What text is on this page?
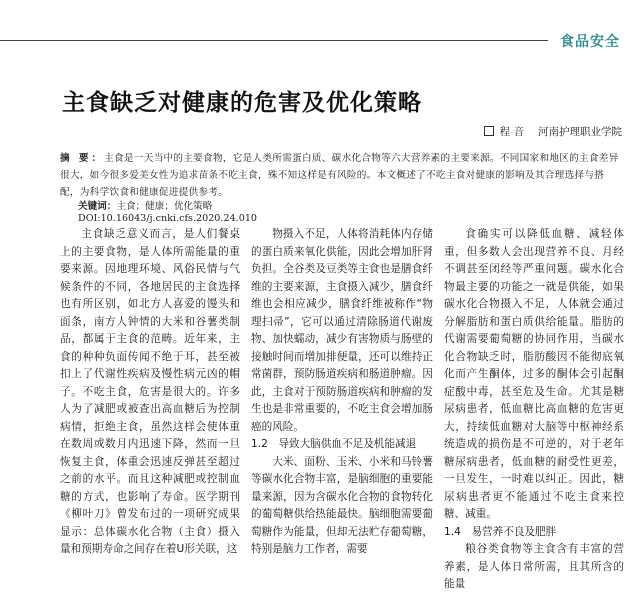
食品安全
主食缺乏对健康的危害及优化策略
程 音 河南护理职业学院
摘 要：主食是一天当中的主要食物，它是人类所需蛋白质、碳水化合物等六大营养素的主要来源。不同国家和地区的主食差异很大，如今很多爱美女性为追求苗条不吃主食，殊不知这样是有风险的。本文概述了不吃主食对健康的影响及其合理选择与搭配，为科学饮食和健康促进提供参考。
关键词：主食；健康；优化策略
DOI:10.16043/j.cnki.cfs.2020.24.010

主食缺乏意义而言，是人们餐桌上的主要食物，是人体所需能量的重要来源。因地理环境、风俗民情与气候条件的不同，各地居民的主食选择也有所区别，如北方人喜爱的馒头和面条，南方人钟情的大米和谷薯类制品，都属于主食的范畴。近年来，主食的种种负面传闻不绝于耳，甚至被扣上了代谢性疾病及慢性病元凶的帽子。不吃主食，危害是很大的。许多人为了减肥或被查出高血糖后为控制病情，拒绝主食，虽然这样会使体重在数周或数月内迅速下降，然而一旦恢复主食，体重会迅速反弹甚至超过之前的水平。而且这种减肥或控制血糖的方式，也影响了寿命。医学期刊《柳叶刀》曾发布过的一项研究成果显示：总体碳水化合物（主食）摄入量和预期寿命之间存在着U形关联，这

物摄入不足，人体将消耗体内存储的蛋白质来氧化供能，因此会增加肝肾负担。全谷类及豆类等主食也是膳食纤维的主要来源，主食摄入减少，膳食纤维也会相应减少，膳食纤维被称作“物理扫帚”，它可以通过清除肠道代谢废物、加快蠕动，减少有害物质与肠壁的接触时间而增加排便量，还可以维持正常菌群，预防肠道疾病和肠道肿瘤。因此，主食对于预防肠道疾病和肿瘤的发生也是非常重要的，不吃主食会增加肠癌的风险。

1.2　导致大脑供血不足及机能减退

大米、面粉、玉米、小米和马铃薯等碳水化合物丰富，是脑细胞的重要能量来源，因为含碳水化合物的食物转化的葡萄糖供给热能最快。脑细胞需要葡萄糖作为能量，但却无法贮存葡萄糖，特别是脑力工作者，需要

食确实可以降低血糖、减轻体重，但多数人会出现营养不良、月经不调甚至闭经等严重问题。碳水化合物最主要的功能之一就是供能，如果碳水化合物摄入不足，人体就会通过分解脂肪和蛋白质供给能量。脂肪的代谢需要葡萄糖的协同作用，当碳水化合物缺乏时，脂肪酸因不能彻底氧化而产生酮体，过多的酮体会引起酮症酸中毒，甚至危及生命。尤其是糖尿病患者，低血糖比高血糖的危害更大，持续低血糖对大脑等中枢神经系统造成的损伤是不可逆的，对于老年糖尿病患者，低血糖的耐受性更差，一旦发生，一时难以纠正。因此，糖尿病患者更不能通过不吃主食来控糖、减重。

1.4　易营养不良及肥胖

粮谷类食物等主食含有丰富的营养素，是人体日常所需，且其所含的能量
